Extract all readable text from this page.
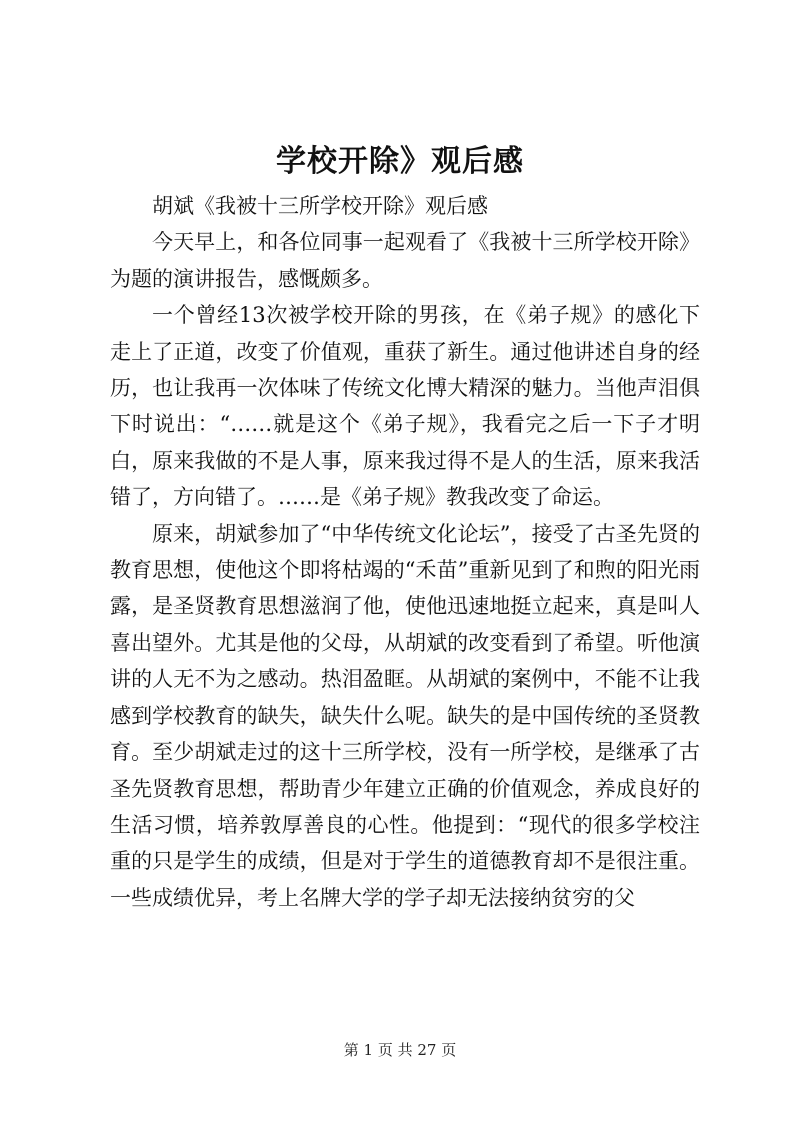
学校开除》观后感

胡斌《我被十三所学校开除》观后感

今天早上，和各位同事一起观看了《我被十三所学校开除》为题的演讲报告，感慨颇多。

一个曾经13次被学校开除的男孩，在《弟子规》的感化下走上了正道，改变了价值观，重获了新生。通过他讲述自身的经历，也让我再一次体味了传统文化博大精深的魅力。当他声泪俱下时说出：“……就是这个《弟子规》，我看完之后一下子才明白，原来我做的不是人事，原来我过得不是人的生活，原来我活错了，方向错了。……是《弟子规》教我改变了命运。

原来，胡斌参加了“中华传统文化论坛”，接受了古圣先贤的教育思想，使他这个即将枯竭的“禾苗”重新见到了和煦的阳光雨露，是圣贤教育思想滋润了他，使他迅速地挺立起来，真是叫人喜出望外。尤其是他的父母，从胡斌的改变看到了希望。听他演讲的人无不为之感动。热泪盈眶。从胡斌的案例中，不能不让我感到学校教育的缺失，缺失什么呢。缺失的是中国传统的圣贤教育。至少胡斌走过的这十三所学校，没有一所学校，是继承了古圣先贤教育思想，帮助青少年建立正确的价值观念，养成良好的生活习惯，培养敦厚善良的心性。他提到：“现代的很多学校注重的只是学生的成绩，但是对于学生的道德教育却不是很注重。一些成绩优异，考上名牌大学的学子却无法接纳贫穷的父

第 1 页 共 27 页
